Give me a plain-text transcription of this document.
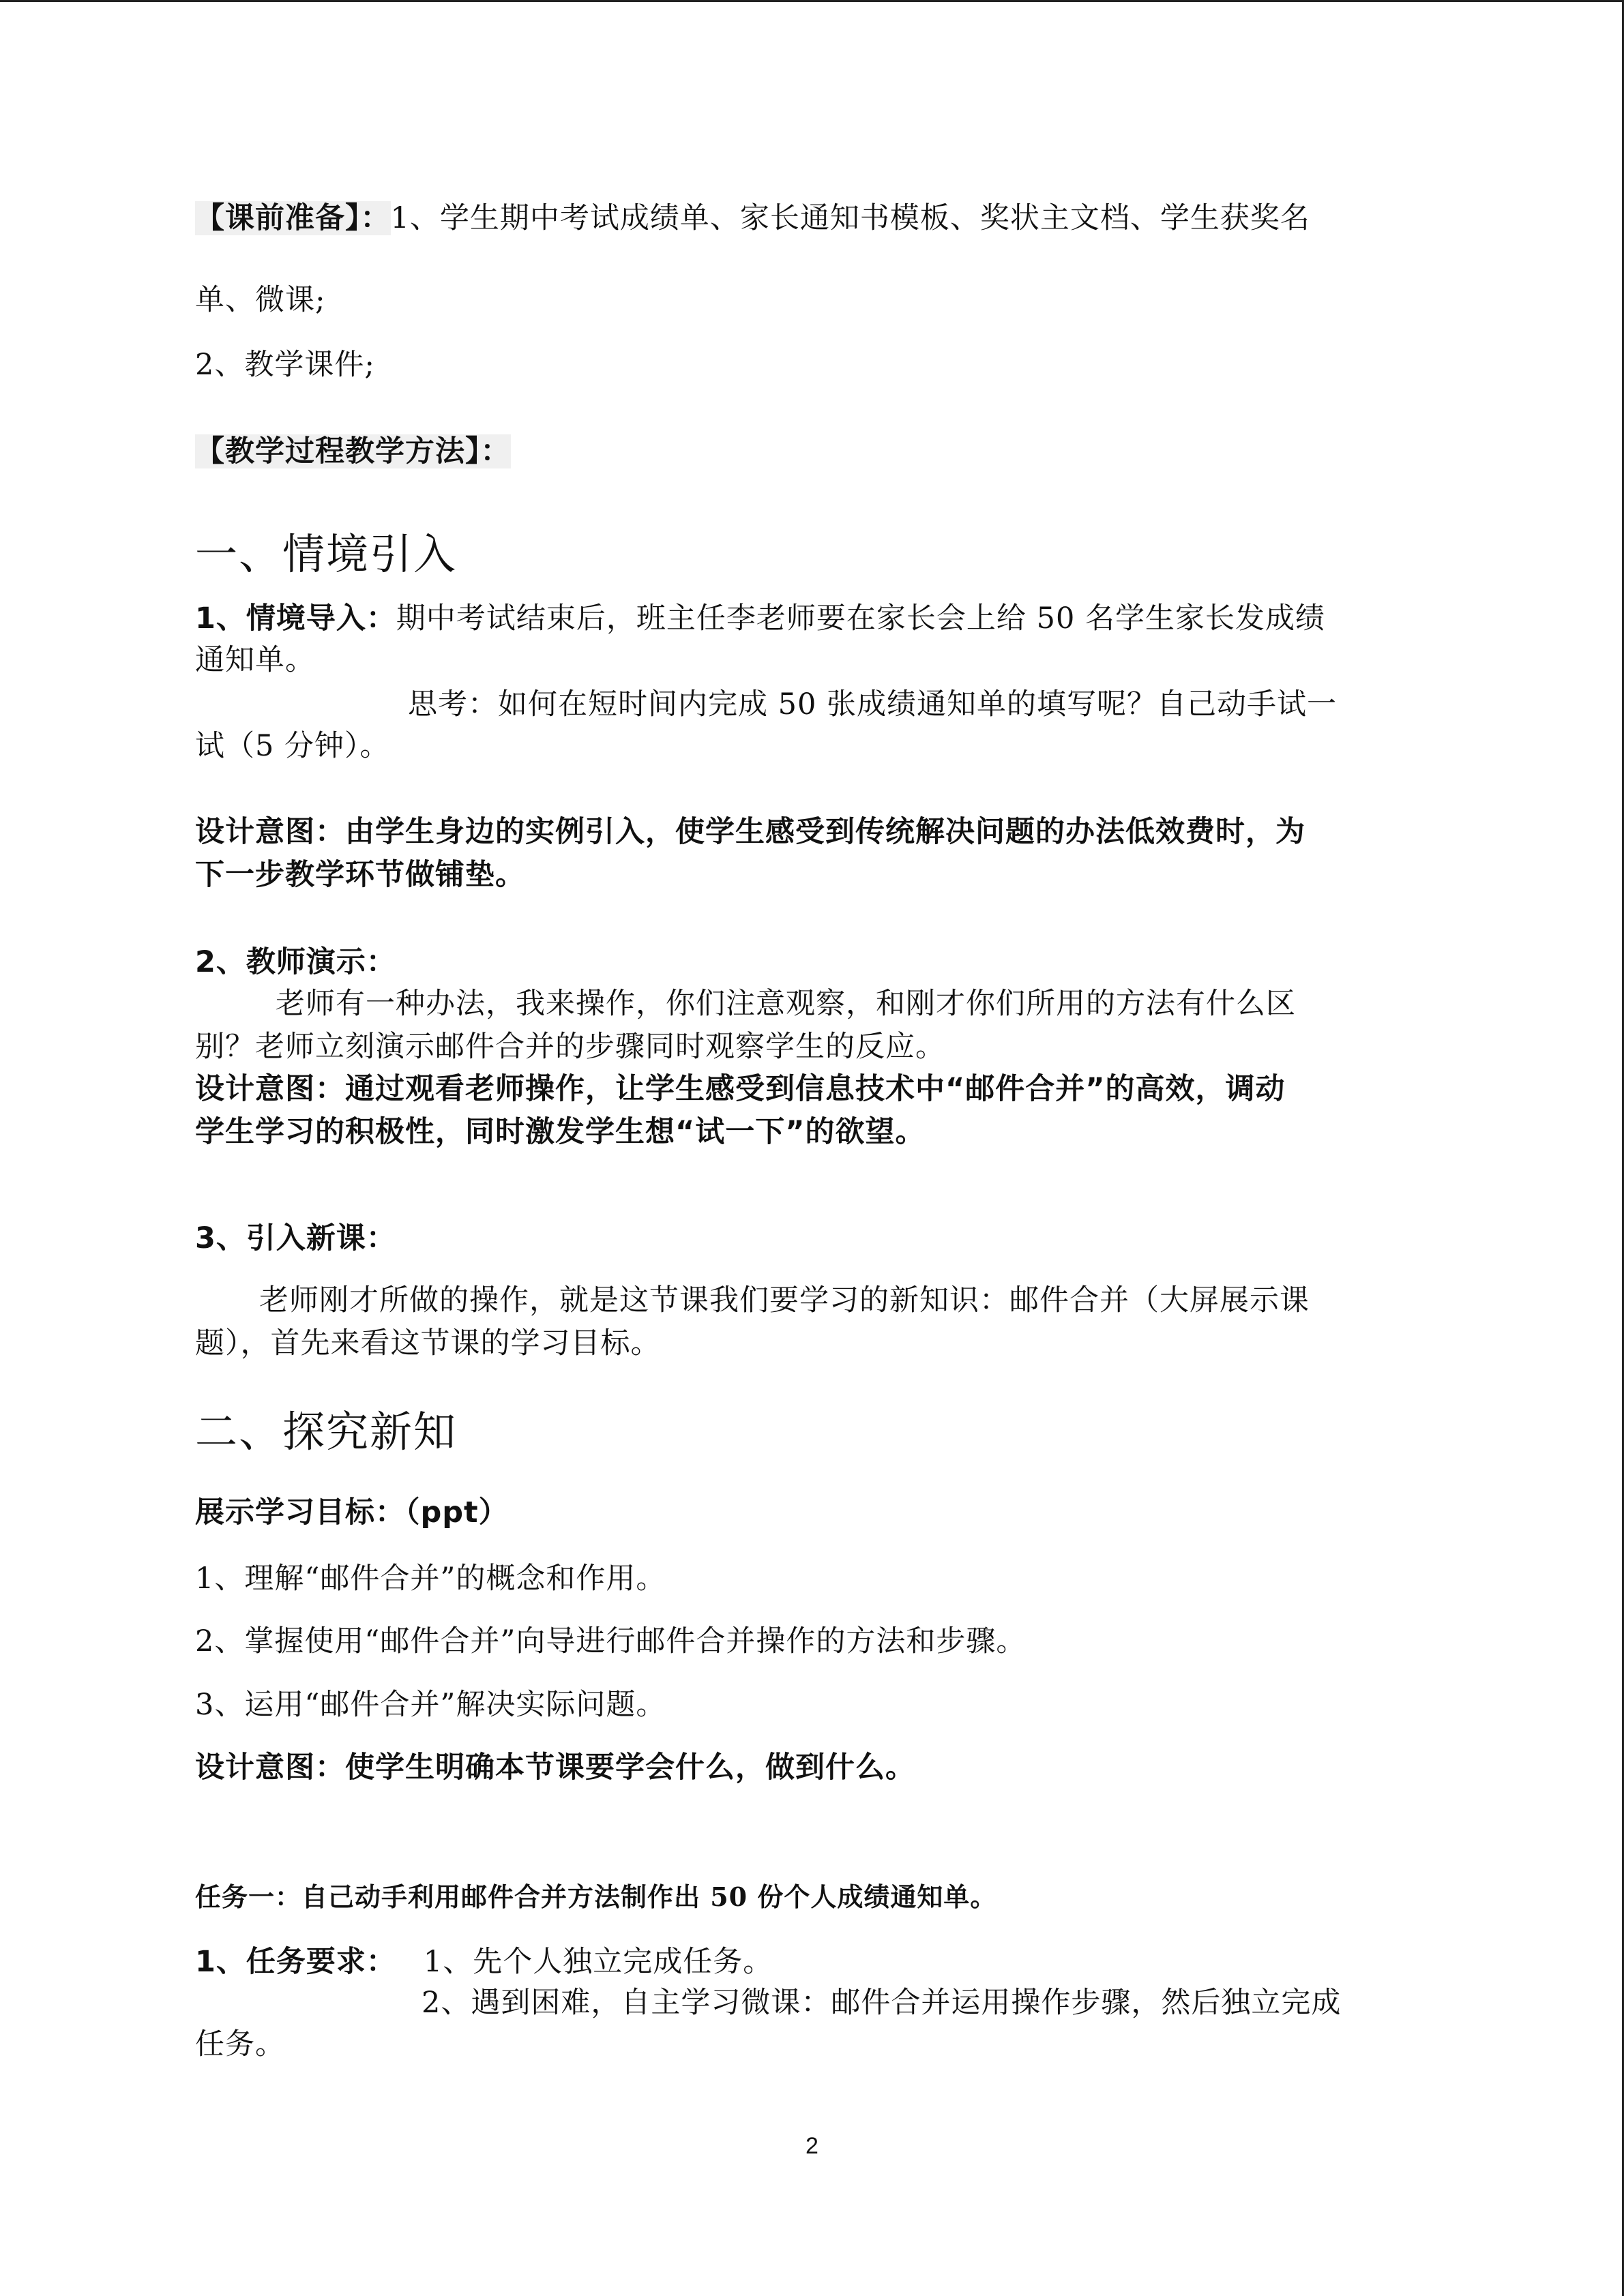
【课前准备】：1、学生期中考试成绩单、家长通知书模板、奖状主文档、学生获奖名
单、微课;
2、教学课件;
【教学过程教学方法】：
一、情境引入
1、情境导入：期中考试结束后，班主任李老师要在家长会上给 50 名学生家长发成绩
通知单。
思考：如何在短时间内完成 50 张成绩通知单的填写呢？自己动手试一
试（5 分钟）。
设计意图：由学生身边的实例引入，使学生感受到传统解决问题的办法低效费时，为
下一步教学环节做铺垫。
2、教师演示：
老师有一种办法，我来操作，你们注意观察，和刚才你们所用的方法有什么区
别？老师立刻演示邮件合并的步骤同时观察学生的反应。
设计意图：通过观看老师操作，让学生感受到信息技术中“邮件合并”的高效，调动
学生学习的积极性，同时激发学生想“试一下”的欲望。
3、引入新课：
老师刚才所做的操作，就是这节课我们要学习的新知识：邮件合并（大屏展示课
题），首先来看这节课的学习目标。
二、探究新知
展示学习目标：（ppt）
1、理解“邮件合并”的概念和作用。
2、掌握使用“邮件合并”向导进行邮件合并操作的方法和步骤。
3、运用“邮件合并”解决实际问题。
设计意图：使学生明确本节课要学会什么，做到什么。
任务一：自己动手利用邮件合并方法制作出 50 份个人成绩通知单。
1、任务要求： 1、先个人独立完成任务。
2、遇到困难，自主学习微课：邮件合并运用操作步骤，然后独立完成
任务。
2
